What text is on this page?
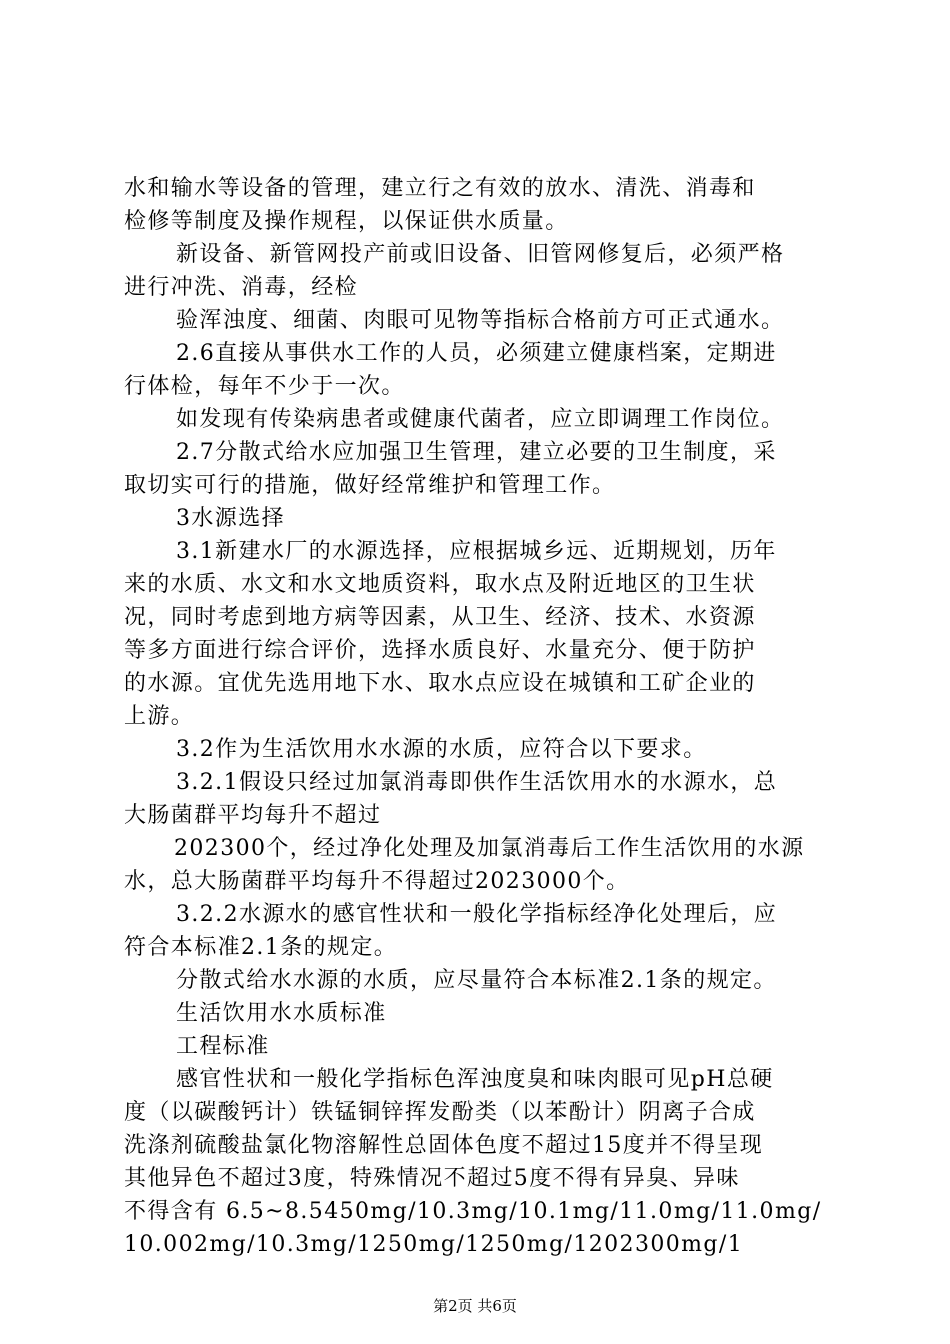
水和输水等设备的管理，建立行之有效的放水、清洗、消毒和

检修等制度及操作规程，以保证供水质量。

新设备、新管网投产前或旧设备、旧管网修复后，必须严格

进行冲洗、消毒，经检

验浑浊度、细菌、肉眼可见物等指标合格前方可正式通水。

2.6直接从事供水工作的人员，必须建立健康档案，定期进

行体检，每年不少于一次。

如发现有传染病患者或健康代菌者，应立即调理工作岗位。

2.7分散式给水应加强卫生管理，建立必要的卫生制度，采

取切实可行的措施，做好经常维护和管理工作。

3水源选择

3.1新建水厂的水源选择，应根据城乡远、近期规划，历年

来的水质、水文和水文地质资料，取水点及附近地区的卫生状

况，同时考虑到地方病等因素，从卫生、经济、技术、水资源

等多方面进行综合评价，选择水质良好、水量充分、便于防护

的水源。宜优先选用地下水、取水点应设在城镇和工矿企业的

上游。

3.2作为生活饮用水水源的水质，应符合以下要求。

3.2.1假设只经过加氯消毒即供作生活饮用水的水源水，总

大肠菌群平均每升不超过

202300个，经过净化处理及加氯消毒后工作生活饮用的水源

水，总大肠菌群平均每升不得超过2023000个。

3.2.2水源水的感官性状和一般化学指标经净化处理后，应

符合本标准2.1条的规定。

分散式给水水源的水质，应尽量符合本标准2.1条的规定。

生活饮用水水质标准

工程标准

感官性状和一般化学指标色浑浊度臭和味肉眼可见pH总硬

度（以碳酸钙计）铁锰铜锌挥发酚类（以苯酚计）阴离子合成

洗涤剂硫酸盐氯化物溶解性总固体色度不超过15度并不得呈现

其他异色不超过3度，特殊情况不超过5度不得有异臭、异味

不得含有 6.5~8.5450mg/10.3mg/10.1mg/11.0mg/11.0mg/

10.002mg/10.3mg/1250mg/1250mg/1202300mg/1

第2页 共6页
